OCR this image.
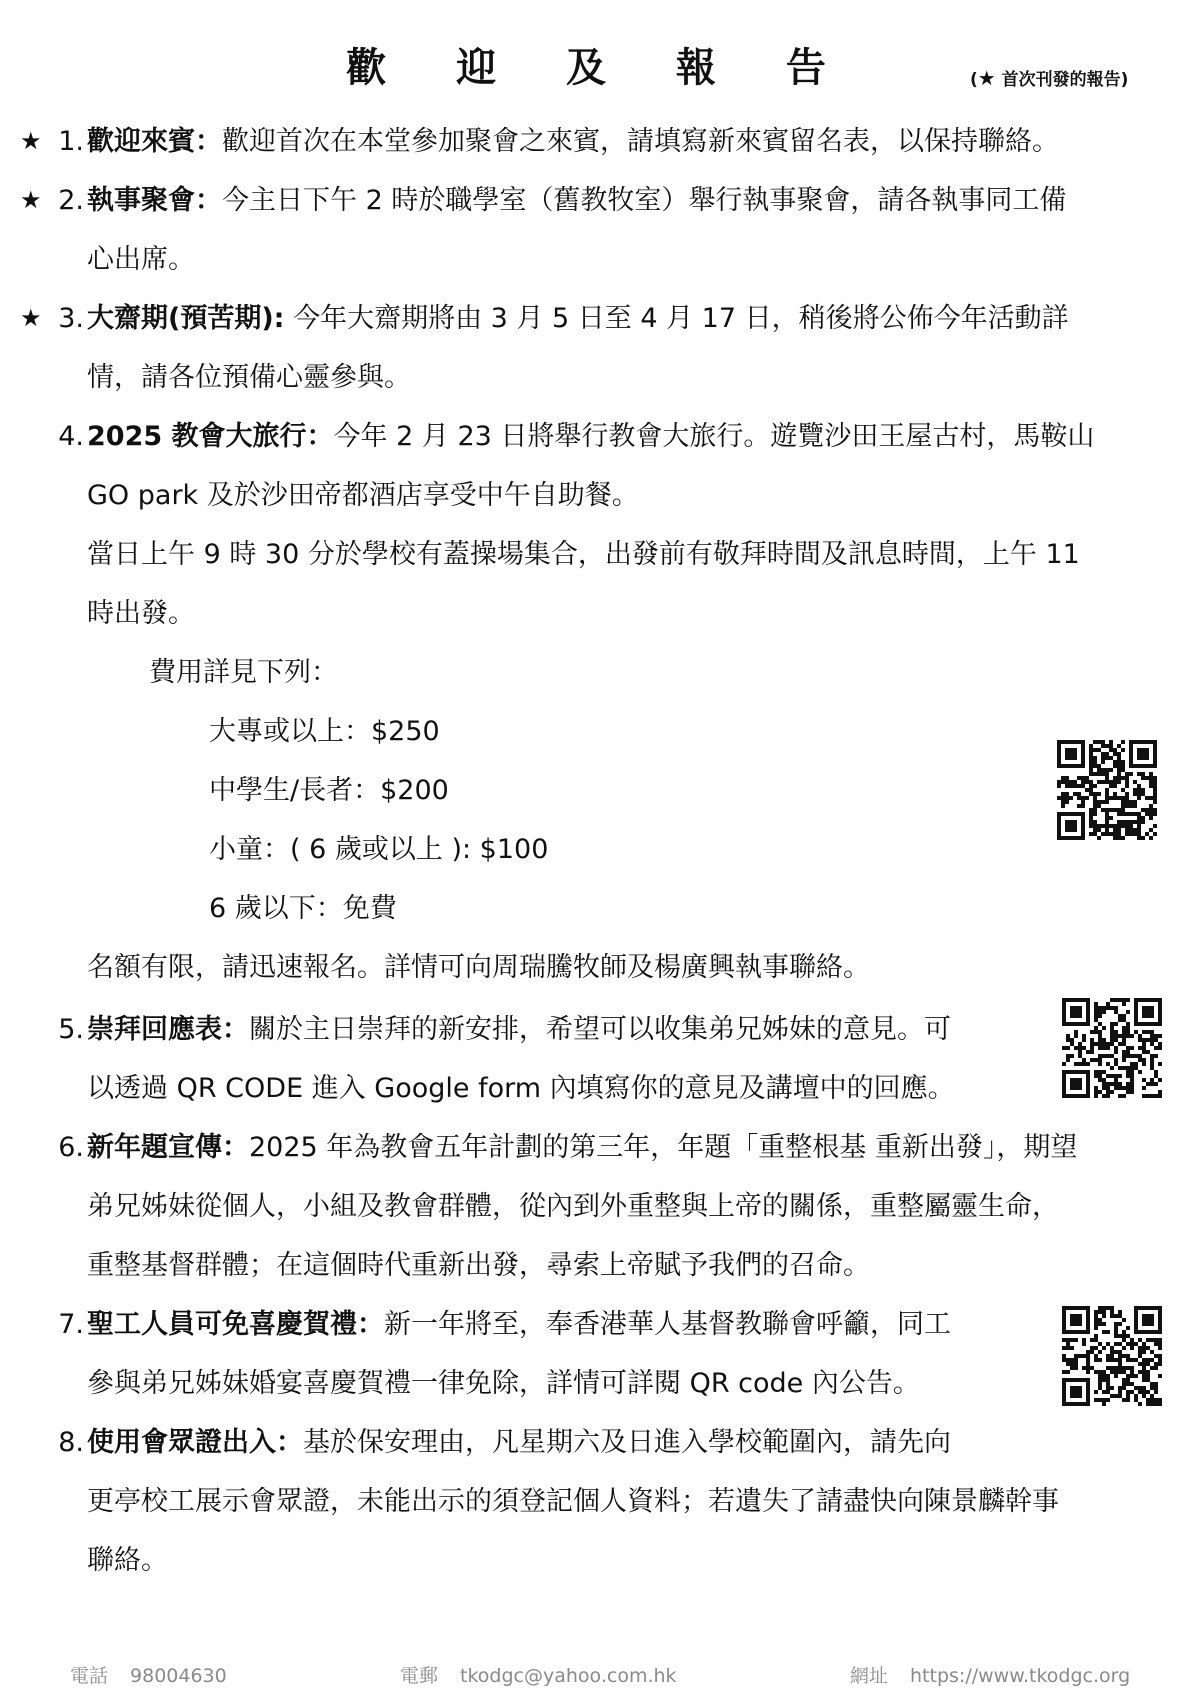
歡 迎 及 報 告	(★ 首次刊發的報告)
★ 1. 歡迎來賓：歡迎首次在本堂參加聚會之來賓，請填寫新來賓留名表，以保持聯絡。
★ 2. 執事聚會：今主日下午 2 時於職學室（舊教牧室）舉行執事聚會，請各執事同工備
心出席。
★ 3. 大齋期(預苦期): 今年大齋期將由 3 月 5 日至 4 月 17 日，稍後將公佈今年活動詳
情，請各位預備心靈參與。
4. 2025 教會大旅行：今年 2 月 23 日將舉行教會大旅行。遊覽沙田王屋古村，馬鞍山
GO park 及於沙田帝都酒店享受中午自助餐。
當日上午 9 時 30 分於學校有蓋操場集合，出發前有敬拜時間及訊息時間，上午 11
時出發。
費用詳見下列：
大專或以上：$250
中學生/長者：$200
小童：( 6 歲或以上 ): $100
6 歲以下：免費
名額有限，請迅速報名。詳情可向周瑞騰牧師及楊廣興執事聯絡。
5. 崇拜回應表：關於主日崇拜的新安排，希望可以收集弟兄姊妹的意見。可
以透過 QR CODE 進入 Google form 內填寫你的意見及講壇中的回應。
6. 新年題宣傳：2025 年為教會五年計劃的第三年，年題「重整根基 重新出發」，期望
弟兄姊妹從個人，小組及教會群體，從內到外重整與上帝的關係，重整屬靈生命，
重整基督群體；在這個時代重新出發，尋索上帝賦予我們的召命。
7. 聖工人員可免喜慶賀禮：新一年將至，奉香港華人基督教聯會呼籲，同工
參與弟兄姊妹婚宴喜慶賀禮一律免除，詳情可詳閱 QR code 內公告。
8. 使用會眾證出入：基於保安理由，凡星期六及日進入學校範圍內，請先向
更亭校工展示會眾證，未能出示的須登記個人資料；若遺失了請盡快向陳景麟幹事
聯絡。
電話 98004630	電郵 tkodgc@yahoo.com.hk	網址 https://www.tkodgc.org
